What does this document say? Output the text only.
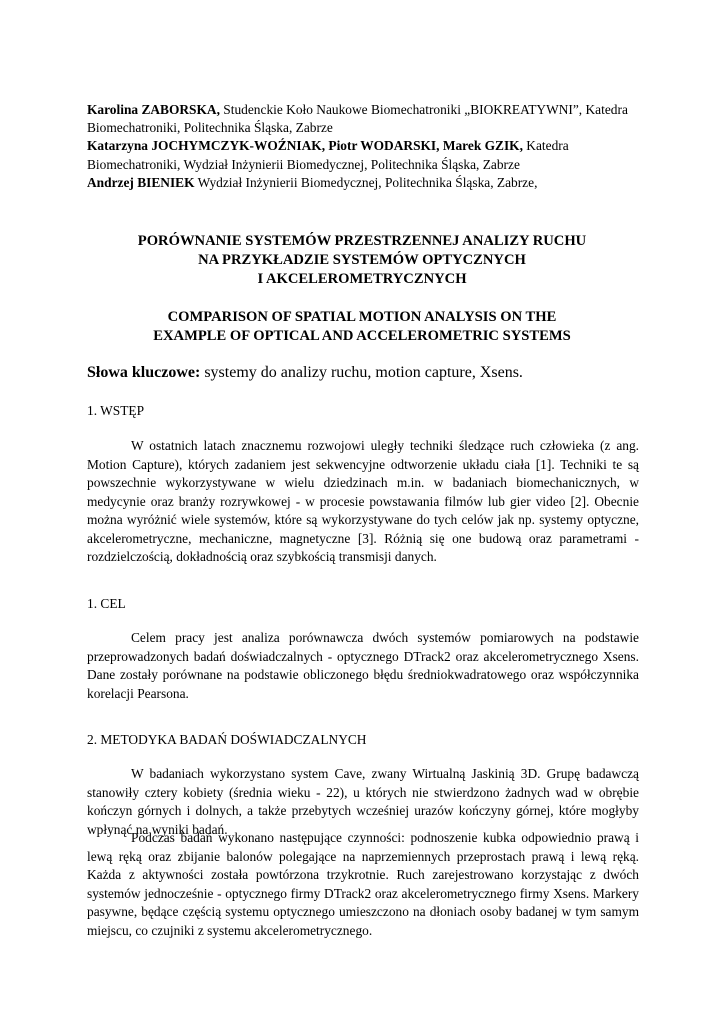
Karolina ZABORSKA, Studenckie Koło Naukowe Biomechatroniki „BIOKREATYWNI”, Katedra Biomechatroniki, Politechnika Śląska, Zabrze

Katarzyna JOCHYMCZYK-WOŹNIAK, Piotr WODARSKI, Marek GZIK, Katedra Biomechatroniki, Wydział Inżynierii Biomedycznej, Politechnika Śląska, Zabrze

Andrzej BIENIEK Wydział Inżynierii Biomedycznej, Politechnika Śląska, Zabrze,

PORÓWNANIE SYSTEMÓW PRZESTRZENNEJ ANALIZY RUCHU
NA PRZYKŁADZIE SYSTEMÓW OPTYCZNYCH
I AKCELEROMETRYCZNYCH
COMPARISON OF SPATIAL MOTION ANALYSIS ON THE
EXAMPLE OF OPTICAL AND ACCELEROMETRIC SYSTEMS

Słowa kluczowe: systemy do analizy ruchu, motion capture, Xsens.

1. WSTĘP

W ostatnich latach znacznemu rozwojowi uległy techniki śledzące ruch człowieka (z ang. Motion Capture), których zadaniem jest sekwencyjne odtworzenie układu ciała [1]. Techniki te są powszechnie wykorzystywane w wielu dziedzinach m.in. w badaniach biomechanicznych, w medycynie oraz branży rozrywkowej - w procesie powstawania filmów lub gier video [2]. Obecnie można wyróżnić wiele systemów, które są wykorzystywane do tych celów jak np. systemy optyczne, akcelerometryczne, mechaniczne, magnetyczne [3]. Różnią się one budową oraz parametrami - rozdzielczością, dokładnością oraz szybkością transmisji danych.

1. CEL

Celem pracy jest analiza porównawcza dwóch systemów pomiarowych na podstawie przeprowadzonych badań doświadczalnych - optycznego DTrack2 oraz akcelerometrycznego Xsens. Dane zostały porównane na podstawie obliczonego błędu średniokwadratowego oraz współczynnika korelacji Pearsona.

2. METODYKA BADAŃ DOŚWIADCZALNYCH

W badaniach wykorzystano system Cave, zwany Wirtualną Jaskinią 3D. Grupę badawczą stanowiły cztery kobiety (średnia wieku - 22), u których nie stwierdzono żadnych wad w obrębie kończyn górnych i dolnych, a także przebytych wcześniej urazów kończyny górnej, które mogłyby wpłynąć na wyniki badań.

Podczas badań wykonano następujące czynności: podnoszenie kubka odpowiednio prawą i lewą ręką oraz zbijanie balonów polegające na naprzemiennych przeprostach prawą i lewą ręką. Każda z aktywności została powtórzona trzykrotnie. Ruch zarejestrowano korzystając z dwóch systemów jednocześnie - optycznego firmy DTrack2 oraz akcelerometrycznego firmy Xsens. Markery pasywne, będące częścią systemu optycznego umieszczono na dłoniach osoby badanej w tym samym miejscu, co czujniki z systemu akcelerometrycznego.
